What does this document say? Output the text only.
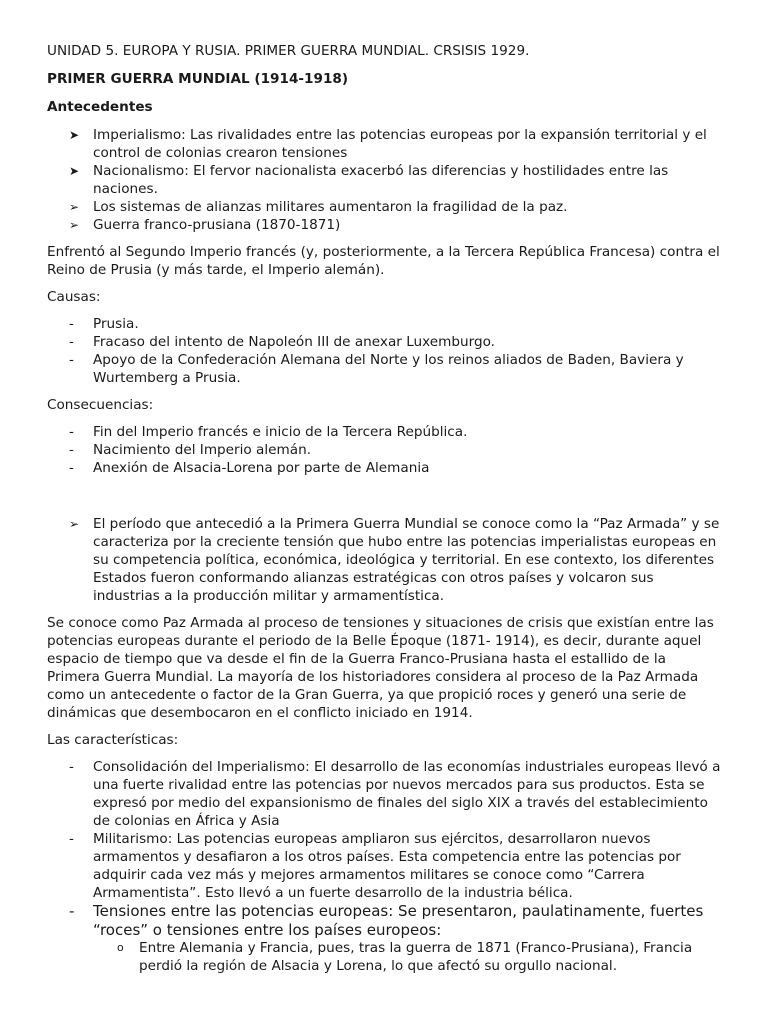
UNIDAD 5. EUROPA Y RUSIA. PRIMER GUERRA MUNDIAL. CRSISIS 1929.

PRIMER GUERRA MUNDIAL (1914-1918)

Antecedentes

➤	Imperialismo: Las rivalidades entre las potencias europeas por la expansión territorial y el control de colonias crearon tensiones
➤	Nacionalismo: El fervor nacionalista exacerbó las diferencias y hostilidades entre las naciones.
➢	Los sistemas de alianzas militares aumentaron la fragilidad de la paz.
➢	Guerra franco-prusiana (1870-1871)

Enfrentó al Segundo Imperio francés (y, posteriormente, a la Tercera República Francesa) contra el Reino de Prusia (y más tarde, el Imperio alemán).

Causas:

-	Prusia.
-	Fracaso del intento de Napoleón III de anexar Luxemburgo.
-	Apoyo de la Confederación Alemana del Norte y los reinos aliados de Baden, Baviera y Wurtemberg a Prusia.

Consecuencias:

-	Fin del Imperio francés e inicio de la Tercera República.
-	Nacimiento del Imperio alemán.
-	Anexión de Alsacia-Lorena por parte de Alemania
➢	El período que antecedió a la Primera Guerra Mundial se conoce como la “Paz Armada” y se caracteriza por la creciente tensión que hubo entre las potencias imperialistas europeas en su competencia política, económica, ideológica y territorial. En ese contexto, los diferentes Estados fueron conformando alianzas estratégicas con otros países y volcaron sus industrias a la producción militar y armamentística.

Se conoce como Paz Armada al proceso de tensiones y situaciones de crisis que existían entre las potencias europeas durante el periodo de la Belle Époque (1871- 1914), es decir, durante aquel espacio de tiempo que va desde el fin de la Guerra Franco-Prusiana hasta el estallido de la Primera Guerra Mundial. La mayoría de los historiadores considera al proceso de la Paz Armada como un antecedente o factor de la Gran Guerra, ya que propició roces y generó una serie de dinámicas que desembocaron en el conflicto iniciado en 1914.

Las características:

-	Consolidación del Imperialismo: El desarrollo de las economías industriales europeas llevó a una fuerte rivalidad entre las potencias por nuevos mercados para sus productos. Esta se expresó por medio del expansionismo de finales del siglo XIX a través del establecimiento de colonias en África y Asia
-	Militarismo: Las potencias europeas ampliaron sus ejércitos, desarrollaron nuevos armamentos y desafiaron a los otros países. Esta competencia entre las potencias por adquirir cada vez más y mejores armamentos militares se conoce como “Carrera Armamentista”. Esto llevó a un fuerte desarrollo de la industria bélica.
-	Tensiones entre las potencias europeas: Se presentaron, paulatinamente, fuertes “roces” o tensiones entre los países europeos:
o	Entre Alemania y Francia, pues, tras la guerra de 1871 (Franco-Prusiana), Francia perdió la región de Alsacia y Lorena, lo que afectó su orgullo nacional.
